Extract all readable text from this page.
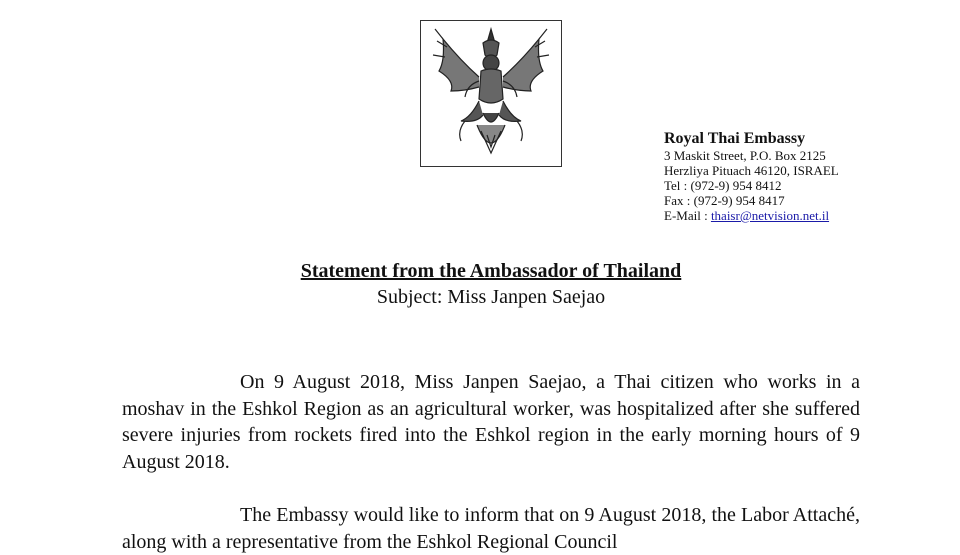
Royal Thai Embassy
3 Maskit Street, P.O. Box 2125
Herzliya Pituach 46120, ISRAEL
Tel : (972-9) 954 8412
Fax : (972-9) 954 8417
E-Mail : thaisr@netvision.net.il
Statement from the Ambassador of Thailand
Subject: Miss Janpen Saejao
On 9 August 2018, Miss Janpen Saejao, a Thai citizen who works in a moshav in the Eshkol Region as an agricultural worker, was hospitalized after she suffered severe injuries from rockets fired into the Eshkol region in the early morning hours of 9 August 2018.
The Embassy would like to inform that on 9 August 2018, the Labor Attaché, along with a representative from the Eshkol Regional Council
